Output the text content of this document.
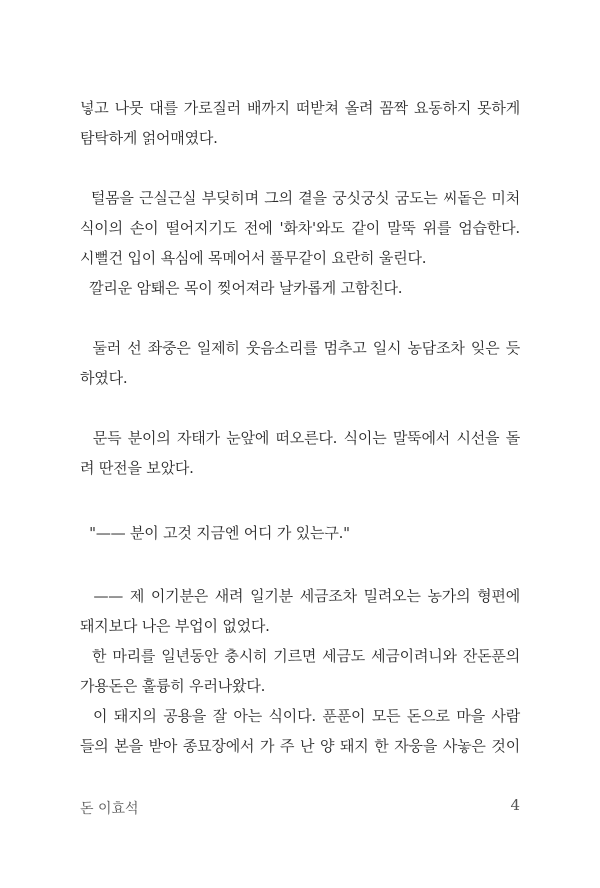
넣고 나뭇 대를 가로질러 배까지 떠받쳐 올려 꼼짝 요동하지 못하게
탐탁하게 얽어매였다.
털몸을 근실근실 부딪히며 그의 곁을 궁싯궁싯 굼도는 씨돝은 미처
식이의 손이 떨어지기도 전에 '화차'와도 같이 말뚝 위를 엄습한다.
시뻘건 입이 욕심에 목메어서 풀무같이 요란히 울린다.
깔리운 암퇘은 목이 찢어져라 날카롭게 고함친다.
둘러 선 좌중은 일제히 웃음소리를 멈추고 일시 농담조차 잊은 듯
하였다.
문득 분이의 자태가 눈앞에 떠오른다. 식이는 말뚝에서 시선을 돌
려 딴전을 보았다.
"—— 분이 고것 지금엔 어디 가 있는구."
—— 제 이기분은 새려 일기분 세금조차 밀려오는 농가의 형편에
돼지보다 나은 부업이 없었다.
한 마리를 일년동안 충시히 기르면 세금도 세금이려니와 잔돈푼의
가용돈은 훌륭히 우러나왔다.
이 돼지의 공용을 잘 아는 식이다. 푼푼이 모든 돈으로 마을 사람
들의 본을 받아 종묘장에서 가 주 난 양 돼지 한 자웅을 사놓은 것이
돈 이효석	4
